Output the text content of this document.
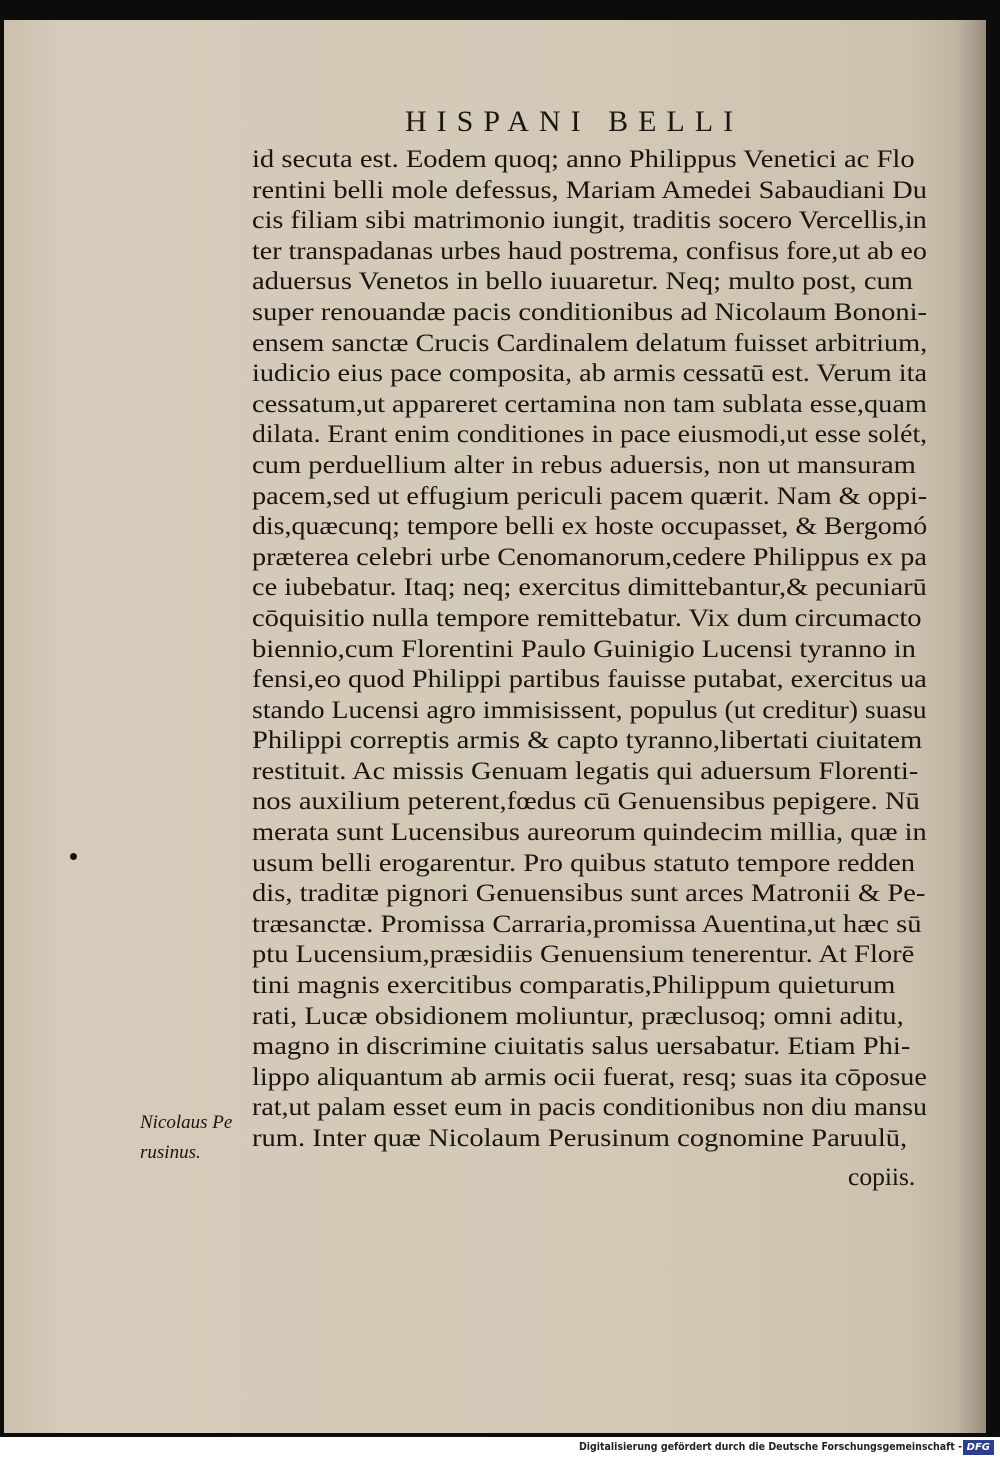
HISPANI BELLI
id secuta est. Eodem quoq; anno Philippus Venetici ac Flo
rentini belli mole defessus, Mariam Amedei Sabaudiani Du
cis filiam sibi matrimonio iungit, traditis socero Vercellis,in
ter transpadanas urbes haud postrema, confisus fore,ut ab eo
aduersus Venetos in bello iuuaretur. Neq; multo post, cum
super renouandæ pacis conditionibus ad Nicolaum Bononi-
ensem sanctæ Crucis Cardinalem delatum fuisset arbitrium,
iudicio eius pace composita, ab armis cessatū est. Verum ita
cessatum,ut appareret certamina non tam sublata esse,quam
dilata. Erant enim conditiones in pace eiusmodi,ut esse solét,
cum perduellium alter in rebus aduersis, non ut mansuram
pacem,sed ut effugium periculi pacem quærit. Nam & oppi-
dis,quæcunq; tempore belli ex hoste occupasset, & Bergomó
præterea celebri urbe Cenomanorum,cedere Philippus ex pa
ce iubebatur. Itaq; neq; exercitus dimittebantur,& pecuniarū
cōquisitio nulla tempore remittebatur. Vix dum circumacto
biennio,cum Florentini Paulo Guinigio Lucensi tyranno in
fensi,eo quod Philippi partibus fauisse putabat, exercitus ua
stando Lucensi agro immisissent, populus (ut creditur) suasu
Philippi correptis armis & capto tyranno,libertati ciuitatem
restituit. Ac missis Genuam legatis qui aduersum Florenti-
nos auxilium peterent,fœdus cū Genuensibus pepigere. Nū
merata sunt Lucensibus aureorum quindecim millia, quæ in
usum belli erogarentur. Pro quibus statuto tempore redden
dis, traditæ pignori Genuensibus sunt arces Matronii & Pe-
træsanctæ. Promissa Carraria,promissa Auentina,ut hæc sū
ptu Lucensium,præsidiis Genuensium tenerentur. At Florē
tini magnis exercitibus comparatis,Philippum quieturum
rati, Lucæ obsidionem moliuntur, præclusoq; omni aditu,
magno in discrimine ciuitatis salus uersabatur. Etiam Phi-
lippo aliquantum ab armis ocii fuerat, resq; suas ita cōposue
rat,ut palam esset eum in pacis conditionibus non diu mansu
rum. Inter quæ Nicolaum Perusinum cognomine Paruulū,
copiis.
Nicolaus Pe
rusinus.
Digitalisierung gefördert durch die Deutsche Forschungsgemeinschaft - DFG
